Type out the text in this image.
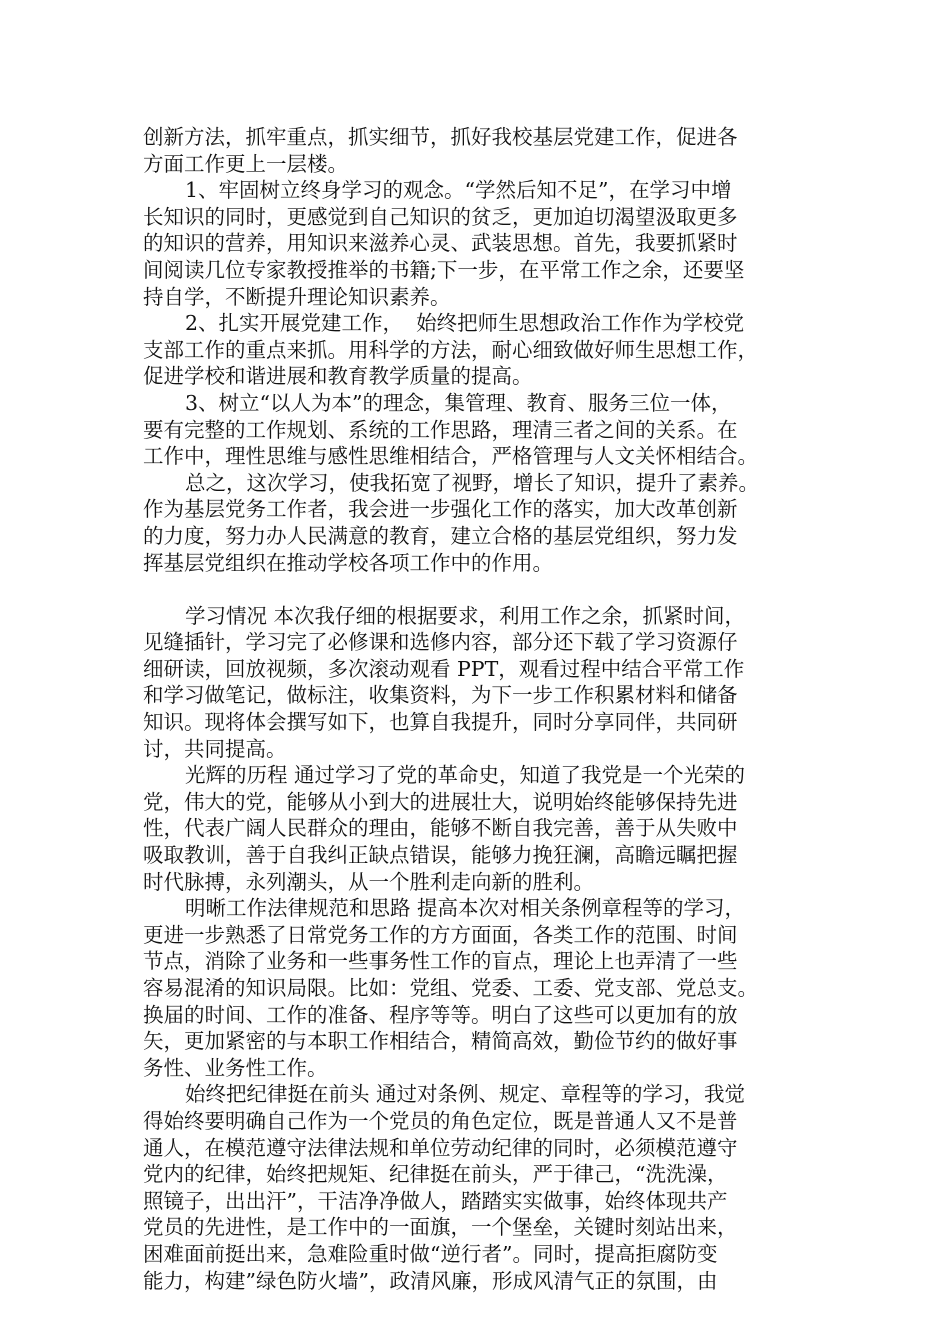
创新方法，抓牢重点，抓实细节，抓好我校基层党建工作，促进各
方面工作更上一层楼。
1、牢固树立终身学习的观念。“学然后知不足”，在学习中增
长知识的同时，更感觉到自己知识的贫乏，更加迫切渴望汲取更多
的知识的营养，用知识来滋养心灵、武装思想。首先，我要抓紧时
间阅读几位专家教授推举的书籍;下一步，在平常工作之余，还要坚
持自学，不断提升理论知识素养。
2、扎实开展党建工作，  始终把师生思想政治工作作为学校党
支部工作的重点来抓。用科学的方法，耐心细致做好师生思想工作，
促进学校和谐进展和教育教学质量的提高。
3、树立“以人为本”的理念，集管理、教育、服务三位一体，
要有完整的工作规划、系统的工作思路，理清三者之间的关系。在
工作中，理性思维与感性思维相结合，严格管理与人文关怀相结合。
总之，这次学习，使我拓宽了视野，增长了知识，提升了素养。
作为基层党务工作者，我会进一步强化工作的落实，加大改革创新
的力度，努力办人民满意的教育，建立合格的基层党组织，努力发
挥基层党组织在推动学校各项工作中的作用。
学习情况 本次我仔细的根据要求，利用工作之余，抓紧时间，
见缝插针，学习完了必修课和选修内容，部分还下载了学习资源仔
细研读，回放视频，多次滚动观看 PPT，观看过程中结合平常工作
和学习做笔记，做标注，收集资料，为下一步工作积累材料和储备
知识。现将体会撰写如下，也算自我提升，同时分享同伴，共同研
讨，共同提高。
光辉的历程 通过学习了党的革命史，知道了我党是一个光荣的
党，伟大的党，能够从小到大的进展壮大，说明始终能够保持先进
性，代表广阔人民群众的理由，能够不断自我完善，善于从失败中
吸取教训，善于自我纠正缺点错误，能够力挽狂澜，高瞻远瞩把握
时代脉搏，永列潮头，从一个胜利走向新的胜利。
明晰工作法律规范和思路 提高本次对相关条例章程等的学习，
更进一步熟悉了日常党务工作的方方面面，各类工作的范围、时间
节点，消除了业务和一些事务性工作的盲点，理论上也弄清了一些
容易混淆的知识局限。比如：党组、党委、工委、党支部、党总支。
换届的时间、工作的准备、程序等等。明白了这些可以更加有的放
矢，更加紧密的与本职工作相结合，精简高效，勤俭节约的做好事
务性、业务性工作。
始终把纪律挺在前头 通过对条例、规定、章程等的学习，我觉
得始终要明确自己作为一个党员的角色定位，既是普通人又不是普
通人，在模范遵守法律法规和单位劳动纪律的同时，必须模范遵守
党内的纪律，始终把规矩、纪律挺在前头，严于律己，“洗洗澡，
照镜子，出出汗”，干洁净净做人，踏踏实实做事，始终体现共产
党员的先进性，是工作中的一面旗，一个堡垒，关键时刻站出来，
困难面前挺出来，急难险重时做“逆行者”。同时，提高拒腐防变
能力，构建”绿色防火墙”，政清风廉，形成风清气正的氛围，由
